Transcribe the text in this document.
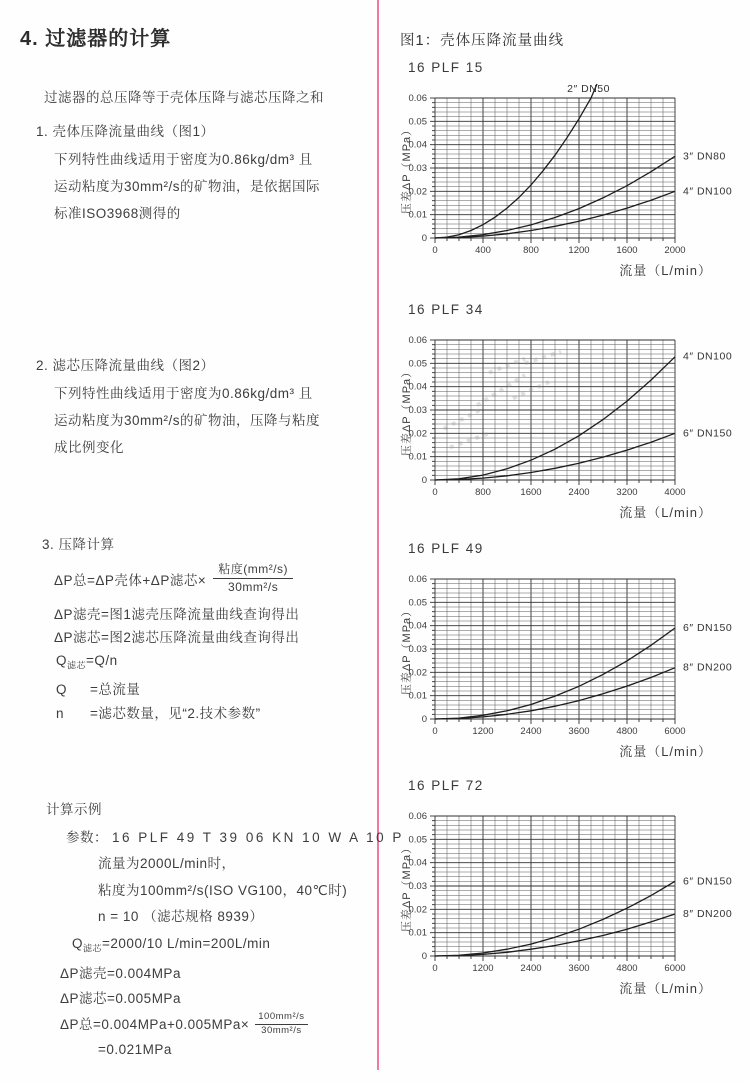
4. 过滤器的计算

过滤器的总压降等于壳体压降与滤芯压降之和

1. 壳体压降流量曲线（图1）
下列特性曲线适用于密度为0.86kg/dm³ 且
运动粘度为30mm²/s的矿物油，是依据国际
标准ISO3968测得的
2. 滤芯压降流量曲线（图2）
下列特性曲线适用于密度为0.86kg/dm³ 且
运动粘度为30mm²/s的矿物油，压降与粘度
成比例变化
3. 压降计算
ΔP总=ΔP壳体+ΔP滤芯× $\frac{\text{粘度(mm²/s)}}{\text{30mm²/s}}$
ΔP滤壳=图1滤壳压降流量曲线查询得出
ΔP滤芯=图2滤芯压降流量曲线查询得出
$Q_{滤芯}=Q/n$
Q	=总流量
n	=滤芯数量，见“2.技术参数”
计算示例
参数： 16 PLF 49 T 39 06 KN 10 W A 10 P
流量为2000L/min时，
粘度为100mm²/s(ISO VG100，40℃时)
n = 10 （滤芯规格 8939）
$Q_{滤芯}=2000/10$ L/min=200L/min
ΔP滤壳=0.004MPa
ΔP滤芯=0.005MPa
ΔP总$=0.004MPa+0.005MPa\times \frac{\text{100mm²/s}}{\text{30mm²/s}}$
=0.021MPa
图1：壳体压降流量曲线
16 PLF 15
压差ΔP（MPa）
0	400	800	1200	1600	2000
0
0.01
0.02
0.03
0.04
0.05
0.06
2″ DN50
3″ DN80
4″ DN100
流量（L/min）
16 PLF 34
压差ΔP（MPa）
0	800	1600	2400	3200	4000
0
0.01
0.02
0.03
0.04
0.05
0.06
4″ DN100
6″ DN150
流量（L/min）
16 PLF 49
压差ΔP（MPa）
0	1200	2400	3600	4800	6000
0
0.01
0.02
0.03
0.04
0.05
0.06
6″ DN150
8″ DN200
流量（L/min）
16 PLF 72
压差ΔP（MPa）
0	1200	2400	3600	4800	6000
0
0.01
0.02
0.03
0.04
0.05
0.06
6″ DN150
8″ DN200
流量（L/min）
